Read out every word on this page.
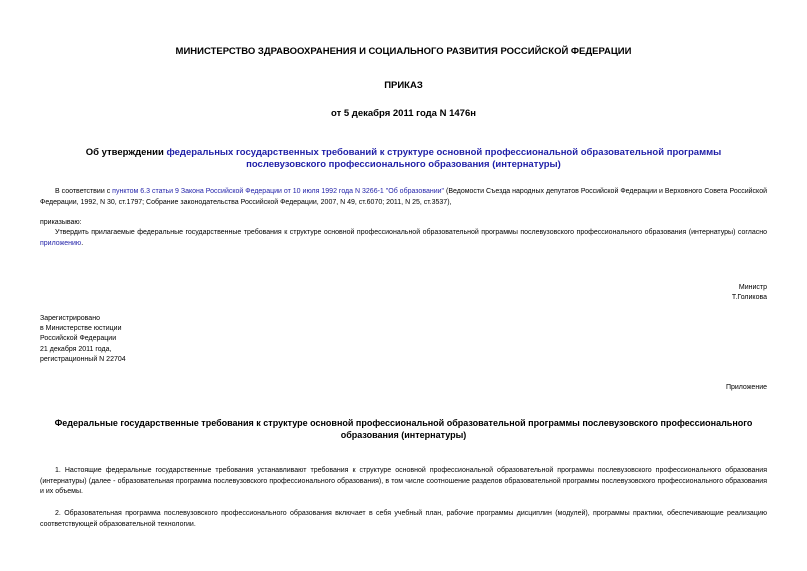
МИНИСТЕРСТВО ЗДРАВООХРАНЕНИЯ И СОЦИАЛЬНОГО РАЗВИТИЯ РОССИЙСКОЙ ФЕДЕРАЦИИ
ПРИКАЗ
от 5 декабря 2011 года N 1476н
Об утверждении федеральных государственных требований к структуре основной профессиональной образовательной программы послевузовского профессионального образования (интернатуры)
В соответствии с пунктом 6.3 статьи 9 Закона Российской Федерации от 10 июля 1992 года N 3266-1 "Об образовании" (Ведомости Съезда народных депутатов Российской Федерации и Верховного Совета Российской Федерации, 1992, N 30, ст.1797; Собрание законодательства Российской Федерации, 2007, N 49, ст.6070; 2011, N 25, ст.3537),
приказываю:
Утвердить прилагаемые федеральные государственные требования к структуре основной профессиональной образовательной программы послевузовского профессионального образования (интернатуры) согласно приложению.
Министр
Т.Голикова
Зарегистрировано
в Министерстве юстиции
Российской Федерации
21 декабря 2011 года,
регистрационный N 22704
Приложение
Федеральные государственные требования к структуре основной профессиональной образовательной программы послевузовского профессионального образования (интернатуры)
1. Настоящие федеральные государственные требования устанавливают требования к структуре основной профессиональной образовательной программы послевузовского профессионального образования (интернатуры) (далее - образовательная программа послевузовского профессионального образования), в том числе соотношение разделов образовательной программы послевузовского профессионального образования и их объемы.
2. Образовательная программа послевузовского профессионального образования включает в себя учебный план, рабочие программы дисциплин (модулей), программы практики, обеспечивающие реализацию соответствующей образовательной технологии.
